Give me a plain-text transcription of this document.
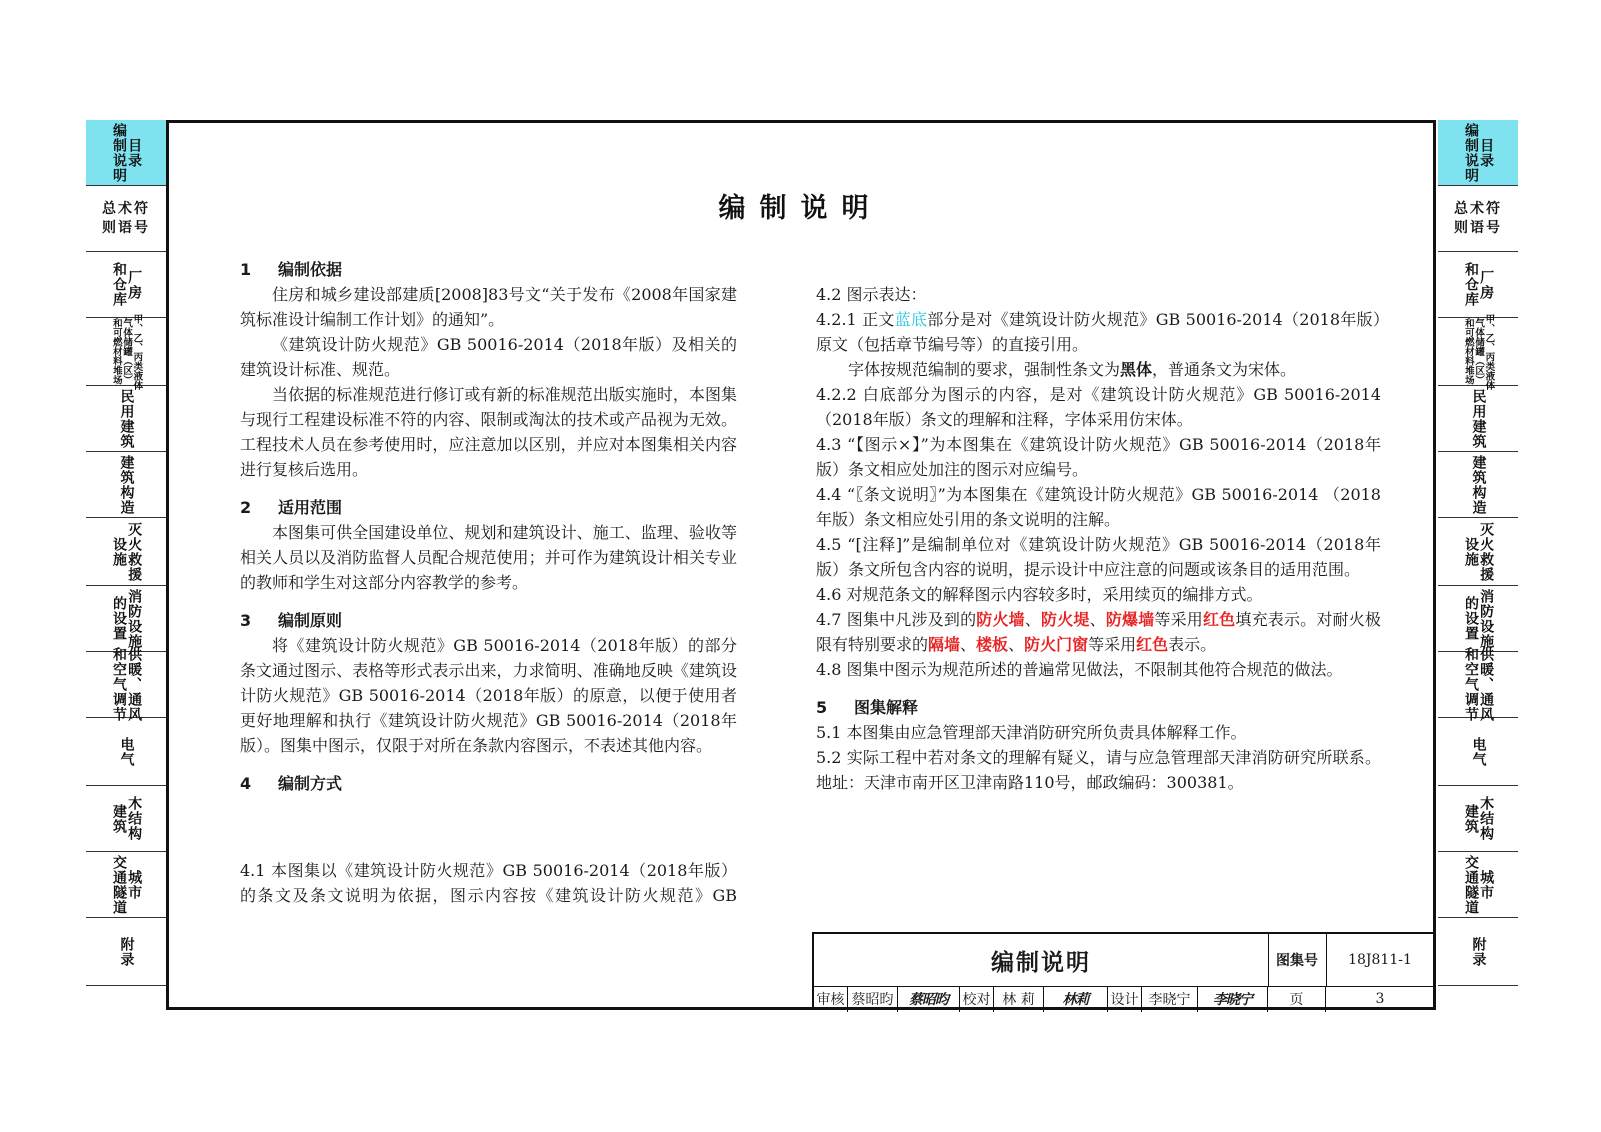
目录
编制说明
总术符
则语号
厂房
和仓库
甲、乙、丙类液体
气体储罐（区）
和可燃材料堆场
民用建筑
建筑构造
灭火救援
设施
消防设施
的设置
供暖、通风
和空气调节
电气
木结构
建筑
城市
交通隧道
附录
目录
编制说明
总术符
则语号
厂房
和仓库
甲、乙、丙类液体
气体储罐（区）
和可燃材料堆场
民用建筑
建筑构造
灭火救援
设施
消防设施
的设置
供暖、通风
和空气调节
电气
木结构
建筑
城市
交通隧道
附录
编制说明
1 编制依据
住房和城乡建设部建质[2008]83号文“关于发布《2008年国家建筑标准设计编制工作计划》的通知”。
《建筑设计防火规范》GB 50016-2014（2018年版）及相关的建筑设计标准、规范。
当依据的标准规范进行修订或有新的标准规范出版实施时，本图集与现行工程建设标准不符的内容、限制或淘汰的技术或产品视为无效。工程技术人员在参考使用时，应注意加以区别，并应对本图集相关内容进行复核后选用。
2 适用范围
本图集可供全国建设单位、规划和建筑设计、施工、监理、验收等相关人员以及消防监督人员配合规范使用；并可作为建筑设计相关专业的教师和学生对这部分内容教学的参考。
3 编制原则
将《建筑设计防火规范》GB 50016-2014（2018年版）的部分条文通过图示、表格等形式表示出来，力求简明、准确地反映《建筑设计防火规范》GB 50016-2014（2018年版）的原意，以便于使用者更好地理解和执行《建筑设计防火规范》GB 50016-2014（2018年版）。图集中图示，仅限于对所在条款内容图示，不表述其他内容。
4 编制方式
4.1 本图集以《建筑设计防火规范》GB 50016-2014（2018年版）的条文及条文说明为依据，图示内容按《建筑设计防火规范》GB
4.2 图示表达：
4.2.1 正文蓝底部分是对《建筑设计防火规范》GB 50016-2014（2018年版）原文（包括章节编号等）的直接引用。
字体按规范编制的要求，强制性条文为黑体，普通条文为宋体。
4.2.2 白底部分为图示的内容，是对《建筑设计防火规范》GB 50016-2014（2018年版）条文的理解和注释，字体采用仿宋体。
4.3 “【图示×】”为本图集在《建筑设计防火规范》GB 50016-2014（2018年版）条文相应处加注的图示对应编号。
4.4 “〖条文说明〗”为本图集在《建筑设计防火规范》GB 50016-2014 （2018年版）条文相应处引用的条文说明的注解。
4.5 “[注释]”是编制单位对《建筑设计防火规范》GB 50016-2014（2018年版）条文所包含内容的说明，提示设计中应注意的问题或该条目的适用范围。
4.6 对规范条文的解释图示内容较多时，采用续页的编排方式。
4.7 图集中凡涉及到的防火墙、防火堤、防爆墙等采用红色填充表示。对耐火极限有特别要求的隔墙、楼板、防火门窗等采用红色表示。
4.8 图集中图示为规范所述的普遍常见做法，不限制其他符合规范的做法。
5 图集解释
5.1 本图集由应急管理部天津消防研究所负责具体解释工作。
5.2 实际工程中若对条文的理解有疑义，请与应急管理部天津消防研究所联系。地址：天津市南开区卫津南路110号，邮政编码：300381。
编制说明	图集号	18J811-1
审核 蔡昭昀	蔡昭昀	校对 林 莉	林莉	设计 李晓宁	李晓宁	页	3
